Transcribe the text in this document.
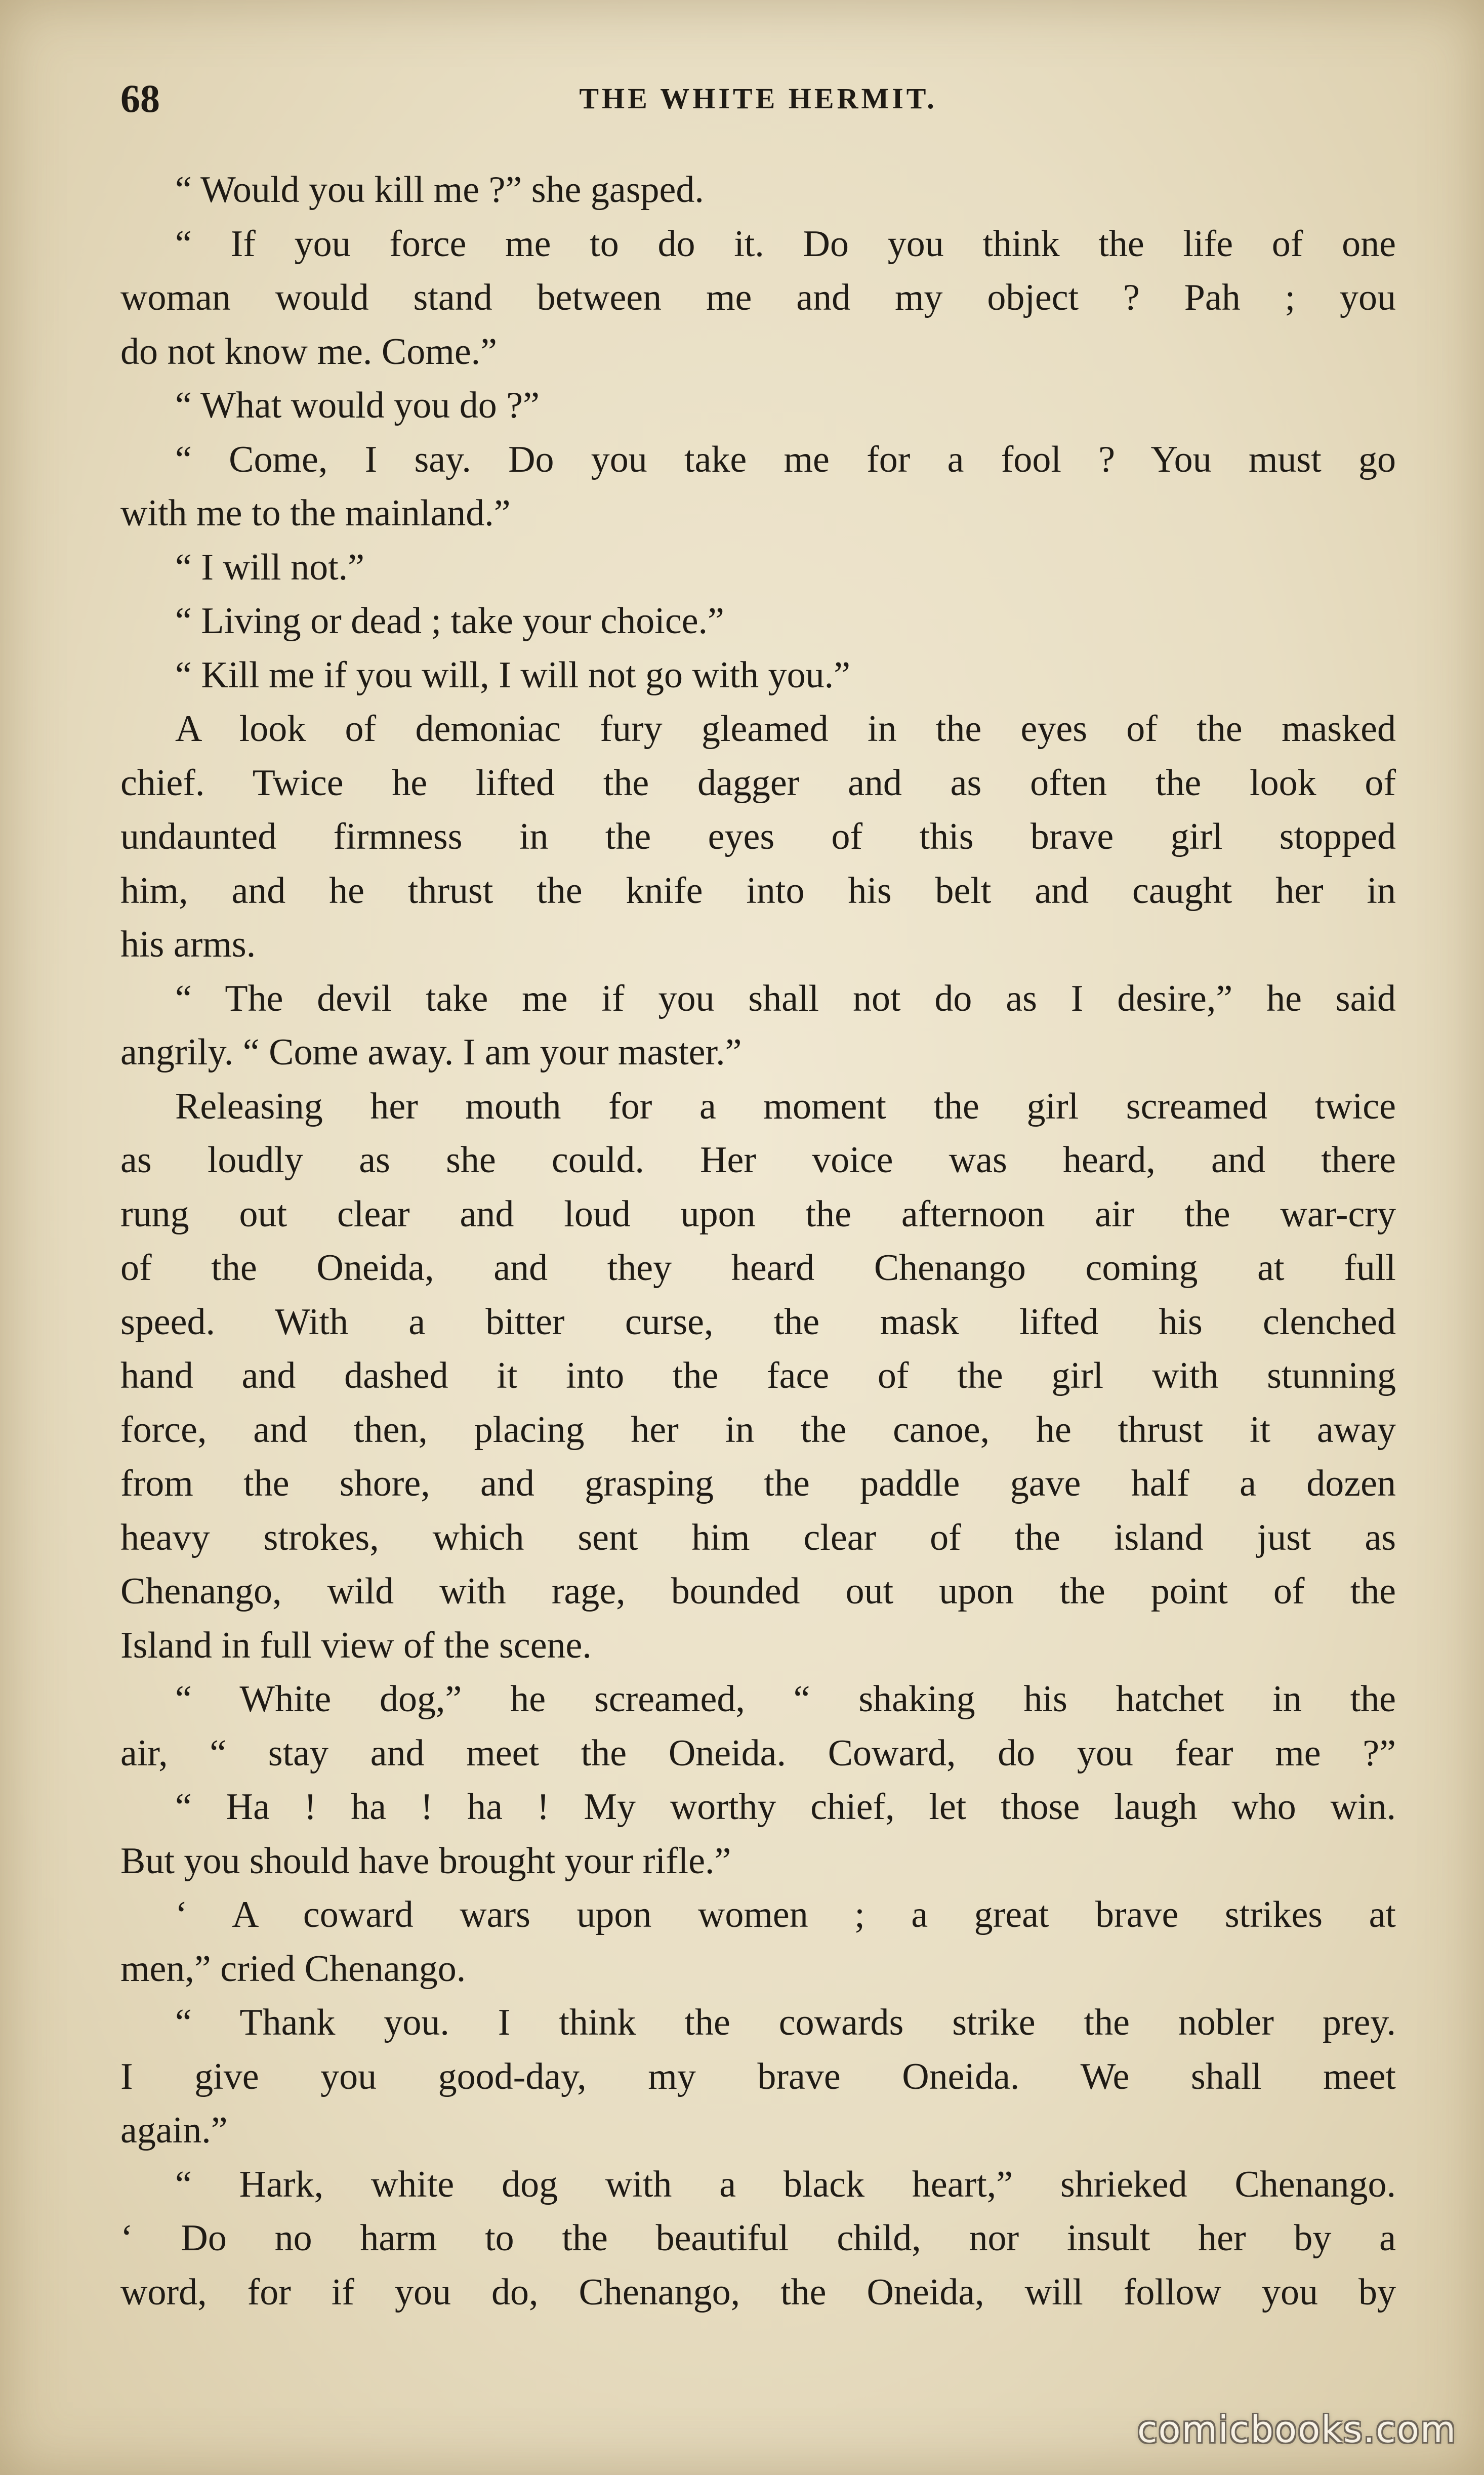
68	THE WHITE HERMIT.
“ Would you kill me ?” she gasped.
“ If you force me to do it. Do you think the life of one
woman would stand between me and my object ? Pah ; you
do not know me. Come.”
“ What would you do ?”
“ Come, I say. Do you take me for a fool ? You must go
with me to the mainland.”
“ I will not.”
“ Living or dead ; take your choice.”
“ Kill me if you will, I will not go with you.”
A look of demoniac fury gleamed in the eyes of the masked
chief. Twice he lifted the dagger and as often the look of
undaunted firmness in the eyes of this brave girl stopped
him, and he thrust the knife into his belt and caught her in
his arms.
“ The devil take me if you shall not do as I desire,” he said
angrily. “ Come away. I am your master.”
Releasing her mouth for a moment the girl screamed twice
as loudly as she could. Her voice was heard, and there
rung out clear and loud upon the afternoon air the war-cry
of the Oneida, and they heard Chenango coming at full
speed. With a bitter curse, the mask lifted his clenched
hand and dashed it into the face of the girl with stunning
force, and then, placing her in the canoe, he thrust it away
from the shore, and grasping the paddle gave half a dozen
heavy strokes, which sent him clear of the island just as
Chenango, wild with rage, bounded out upon the point of the
Island in full view of the scene.
“ White dog,” he screamed, “ shaking his hatchet in the
air, “ stay and meet the Oneida. Coward, do you fear me ?”
“ Ha ! ha ! ha ! My worthy chief, let those laugh who win.
But you should have brought your rifle.”
‘ A coward wars upon women ; a great brave strikes at
men,” cried Chenango.
“ Thank you. I think the cowards strike the nobler prey.
I give you good-day, my brave Oneida. We shall meet
again.”
“ Hark, white dog with a black heart,” shrieked Chenango.
‘ Do no harm to the beautiful child, nor insult her by a
word, for if you do, Chenango, the Oneida, will follow you by
comicbooks.com
